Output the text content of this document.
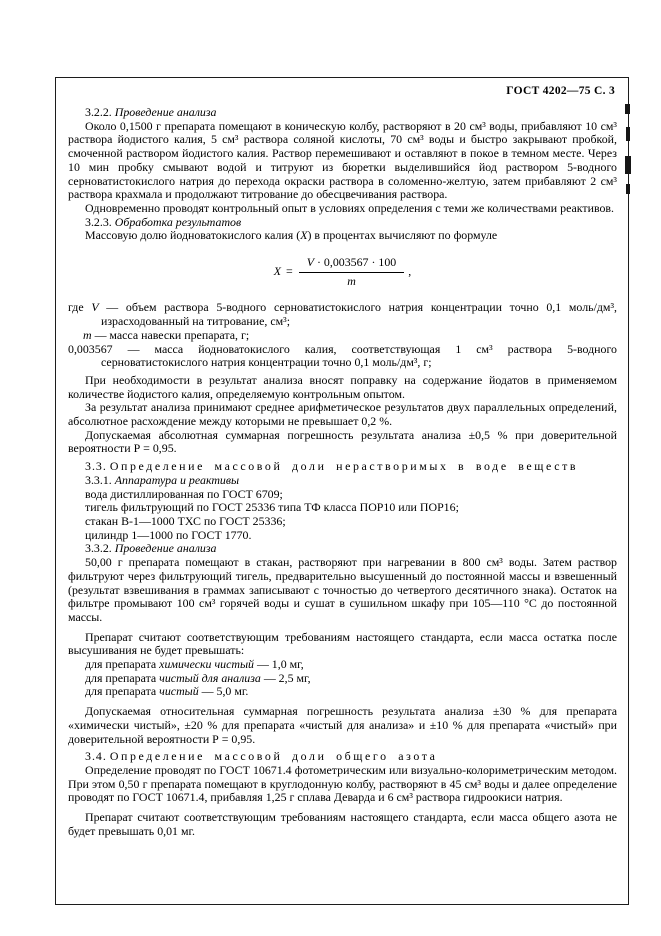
ГОСТ 4202—75 С. 3

3.2.2. Проведение анализа

Около 0,1500 г препарата помещают в коническую колбу, растворяют в 20 см³ воды, прибавляют 10 см³ раствора йодистого калия, 5 см³ раствора соляной кислоты, 70 см³ воды и быстро закрывают пробкой, смоченной раствором йодистого калия. Раствор перемешивают и оставляют в покое в темном месте. Через 10 мин пробку смывают водой и титруют из бюретки выделившийся йод раствором 5-водного серноватистокислого натрия до перехода окраски раствора в соломенно-желтую, затем прибавляют 2 см³ раствора крахмала и продолжают титрование до обесцвечивания раствора.

Одновременно проводят контрольный опыт в условиях определения с теми же количествами реактивов.

3.2.3. Обработка результатов

Массовую долю йодноватокислого калия (X) в процентах вычисляют по формуле

$X = \frac{V \cdot 0,003567 \cdot 100}{m}$ ,

где V — объем раствора 5-водного серноватистокислого натрия концентрации точно 0,1 моль/дм³, израсходованный на титрование, см³;

m — масса навески препарата, г;

0,003567 — масса йодноватокислого калия, соответствующая 1 см³ раствора 5-водного серноватистокислого натрия концентрации точно 0,1 моль/дм³, г;

При необходимости в результат анализа вносят поправку на содержание йодатов в применяемом количестве йодистого калия, определяемую контрольным опытом.

За результат анализа принимают среднее арифметическое результатов двух параллельных определений, абсолютное расхождение между которыми не превышает 0,2 %.

Допускаемая абсолютная суммарная погрешность результата анализа ±0,5 % при доверительной вероятности Р = 0,95.

3.3. Определение массовой доли нерастворимых в воде веществ

3.3.1. Аппаратура и реактивы

вода дистиллированная по ГОСТ 6709;

тигель фильтрующий по ГОСТ 25336 типа ТФ класса ПОР10 или ПОР16;

стакан В-1—1000 ТХС по ГОСТ 25336;

цилиндр 1—1000 по ГОСТ 1770.

3.3.2. Проведение анализа

50,00 г препарата помещают в стакан, растворяют при нагревании в 800 см³ воды. Затем раствор фильтруют через фильтрующий тигель, предварительно высушенный до постоянной массы и взвешенный (результат взвешивания в граммах записывают с точностью до четвертого десятичного знака). Остаток на фильтре промывают 100 см³ горячей воды и сушат в сушильном шкафу при 105—110 °С до постоянной массы.

Препарат считают соответствующим требованиям настоящего стандарта, если масса остатка после высушивания не будет превышать:

для препарата химически чистый — 1,0 мг,

для препарата чистый для анализа — 2,5 мг,

для препарата чистый — 5,0 мг.

Допускаемая относительная суммарная погрешность результата анализа ±30 % для препарата «химически чистый», ±20 % для препарата «чистый для анализа» и ±10 % для препарата «чистый» при доверительной вероятности Р = 0,95.

3.4. Определение массовой доли общего азота

Определение проводят по ГОСТ 10671.4 фотометрическим или визуально-колориметрическим методом. При этом 0,50 г препарата помещают в круглодонную колбу, растворяют в 45 см³ воды и далее определение проводят по ГОСТ 10671.4, прибавляя 1,25 г сплава Деварда и 6 см³ раствора гидроокиси натрия.

Препарат считают соответствующим требованиям настоящего стандарта, если масса общего азота не будет превышать 0,01 мг.
